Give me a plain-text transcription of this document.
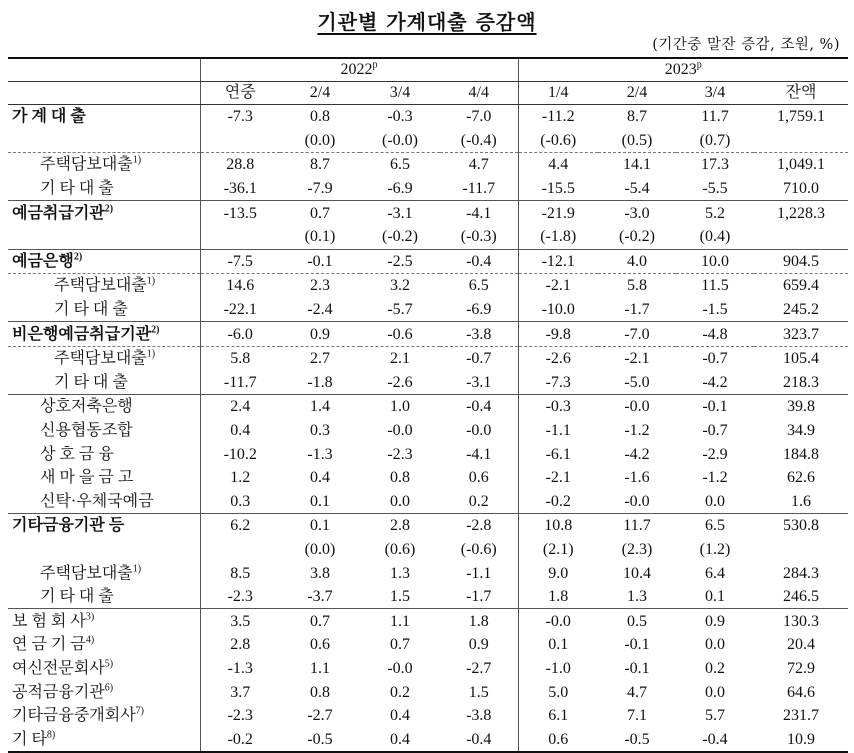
기관별 가계대출 증감액
(기간중 말잔 증감, 조원, %)
	2022$^p$				2023$^p$
	연중	2/4	3/4	4/4	1/4	2/4	3/4	잔액
가 계 대 출	-7.3	0.8	-0.3	-7.0	-11.2	8.7	11.7	1,759.1
		(0.0)	(-0.0)	(-0.4)	(-0.6)	(0.5)	(0.7)	
주택담보대출$^{1)}$	28.8	8.7	6.5	4.7	4.4	14.1	17.3	1,049.1
기 타 대 출	-36.1	-7.9	-6.9	-11.7	-15.5	-5.4	-5.5	710.0
예금취급기관$^{2)}$	-13.5	0.7	-3.1	-4.1	-21.9	-3.0	5.2	1,228.3
		(0.1)	(-0.2)	(-0.3)	(-1.8)	(-0.2)	(0.4)	
예금은행$^{2)}$	-7.5	-0.1	-2.5	-0.4	-12.1	4.0	10.0	904.5
주택담보대출$^{1)}$	14.6	2.3	3.2	6.5	-2.1	5.8	11.5	659.4
기 타 대 출	-22.1	-2.4	-5.7	-6.9	-10.0	-1.7	-1.5	245.2
비은행예금취급기관$^{2)}$	-6.0	0.9	-0.6	-3.8	-9.8	-7.0	-4.8	323.7
주택담보대출$^{1)}$	5.8	2.7	2.1	-0.7	-2.6	-2.1	-0.7	105.4
기 타 대 출	-11.7	-1.8	-2.6	-3.1	-7.3	-5.0	-4.2	218.3
상호저축은행	2.4	1.4	1.0	-0.4	-0.3	-0.0	-0.1	39.8
신용협동조합	0.4	0.3	-0.0	-0.0	-1.1	-1.2	-0.7	34.9
상 호 금 융	-10.2	-1.3	-2.3	-4.1	-6.1	-4.2	-2.9	184.8
새 마 을 금 고	1.2	0.4	0.8	0.6	-2.1	-1.6	-1.2	62.6
신탁·우체국예금	0.3	0.1	0.0	0.2	-0.2	-0.0	0.0	1.6
기타금융기관 등	6.2	0.1	2.8	-2.8	10.8	11.7	6.5	530.8
		(0.0)	(0.6)	(-0.6)	(2.1)	(2.3)	(1.2)	
주택담보대출$^{1)}$	8.5	3.8	1.3	-1.1	9.0	10.4	6.4	284.3
기 타 대 출	-2.3	-3.7	1.5	-1.7	1.8	1.3	0.1	246.5
보 험 회 사$^{3)}$	3.5	0.7	1.1	1.8	-0.0	0.5	0.9	130.3
연 금 기 금$^{4)}$	2.8	0.6	0.7	0.9	0.1	-0.1	0.0	20.4
여신전문회사$^{5)}$	-1.3	1.1	-0.0	-2.7	-1.0	-0.1	0.2	72.9
공적금융기관$^{6)}$	3.7	0.8	0.2	1.5	5.0	4.7	0.0	64.6
기타금융중개회사$^{7)}$	-2.3	-2.7	0.4	-3.8	6.1	7.1	5.7	231.7
기 타$^{8)}$	-0.2	-0.5	0.4	-0.4	0.6	-0.5	-0.4	10.9
